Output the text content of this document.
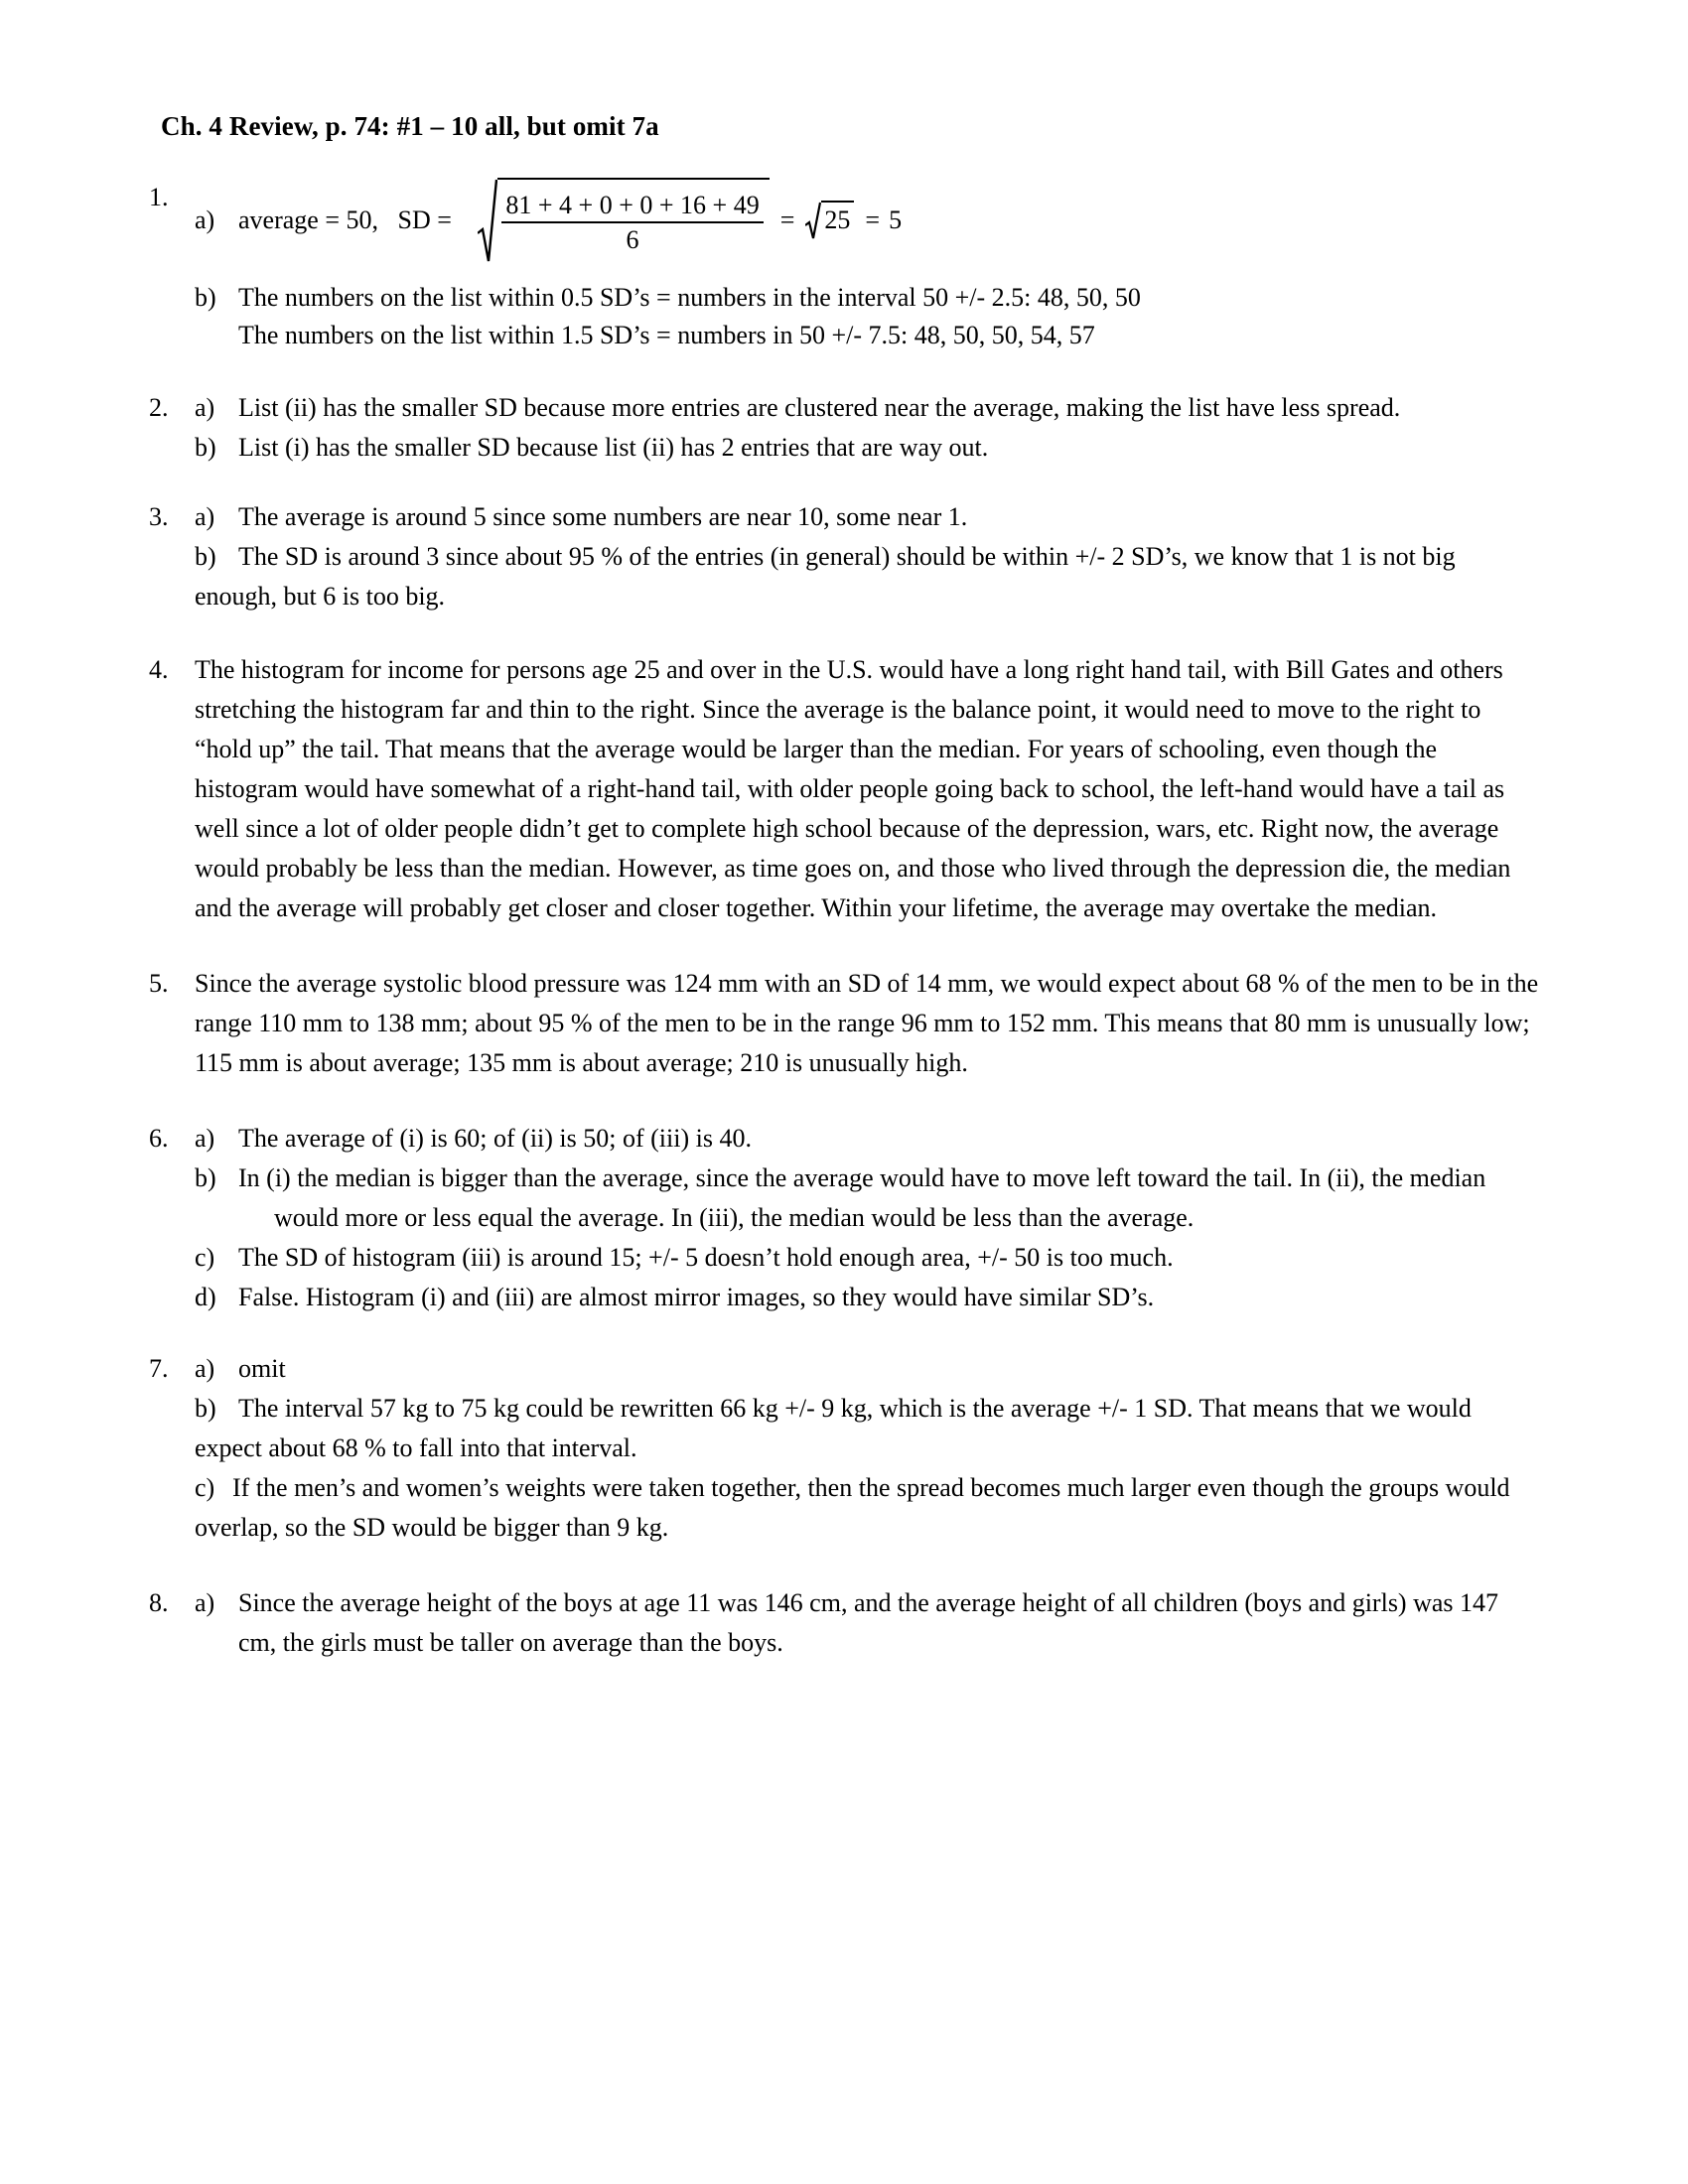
Ch. 4 Review, p. 74: #1 – 10 all, but omit 7a
1.
a) average = 50,   SD =
$\frac{81 + 4 + 0 + 0 + 16 + 49}{6}$ =	25 = 5
b) The numbers on the list within 0.5 SD’s = numbers in the interval 50 +/- 2.5: 48, 50, 50
The numbers on the list within 1.5 SD’s = numbers in 50 +/- 7.5: 48, 50, 50, 54, 57
2.	a) List (ii) has the smaller SD because more entries are clustered near the average, making the list have less spread.
b) List (i) has the smaller SD because list (ii) has 2 entries that are way out.
3.	a) The average is around 5 since some numbers are near 10, some near 1.
b) The SD is around 3 since about 95 % of the entries (in general) should be within +/- 2 SD’s, we know that 1 is not big enough, but 6 is too big.
4.	The histogram for income for persons age 25 and over in the U.S. would have a long right hand tail, with Bill Gates and others stretching the histogram far and thin to the right. Since the average is the balance point, it would need to move to the right to “hold up” the tail. That means that the average would be larger than the median. For years of schooling, even though the histogram would have somewhat of a right-hand tail, with older people going back to school, the left-hand would have a tail as well since a lot of older people didn’t get to complete high school because of the depression, wars, etc. Right now, the average would probably be less than the median. However, as time goes on, and those who lived through the depression die, the median and the average will probably get closer and closer together. Within your lifetime, the average may overtake the median.

5.	Since the average systolic blood pressure was 124 mm with an SD of 14 mm, we would expect about 68 % of the men to be in the range 110 mm to 138 mm; about 95 % of the men to be in the range 96 mm to 152 mm. This means that 80 mm is unusually low; 115 mm is about average; 135 mm is about average; 210 is unusually high.

6.	a) The average of (i) is 60; of (ii) is 50; of (iii) is 40.
b) In (i) the median is bigger than the average, since the average would have to move left toward the tail. In (ii), the median would more or less equal the average. In (iii), the median would be less than the average.
c) The SD of histogram (iii) is around 15; +/- 5 doesn’t hold enough area, +/- 50 is too much.
d) False. Histogram (i) and (iii) are almost mirror images, so they would have similar SD’s.
7.	a) omit
b) The interval 57 kg to 75 kg could be rewritten 66 kg +/- 9 kg, which is the average +/- 1 SD. That means that we would expect about 68 % to fall into that interval.
c) If the men’s and women’s weights were taken together, then the spread becomes much larger even though the groups would overlap, so the SD would be bigger than 9 kg.
8.	a) Since the average height of the boys at age 11 was 146 cm, and the average height of all children (boys and girls) was 147 cm, the girls must be taller on average than the boys.
